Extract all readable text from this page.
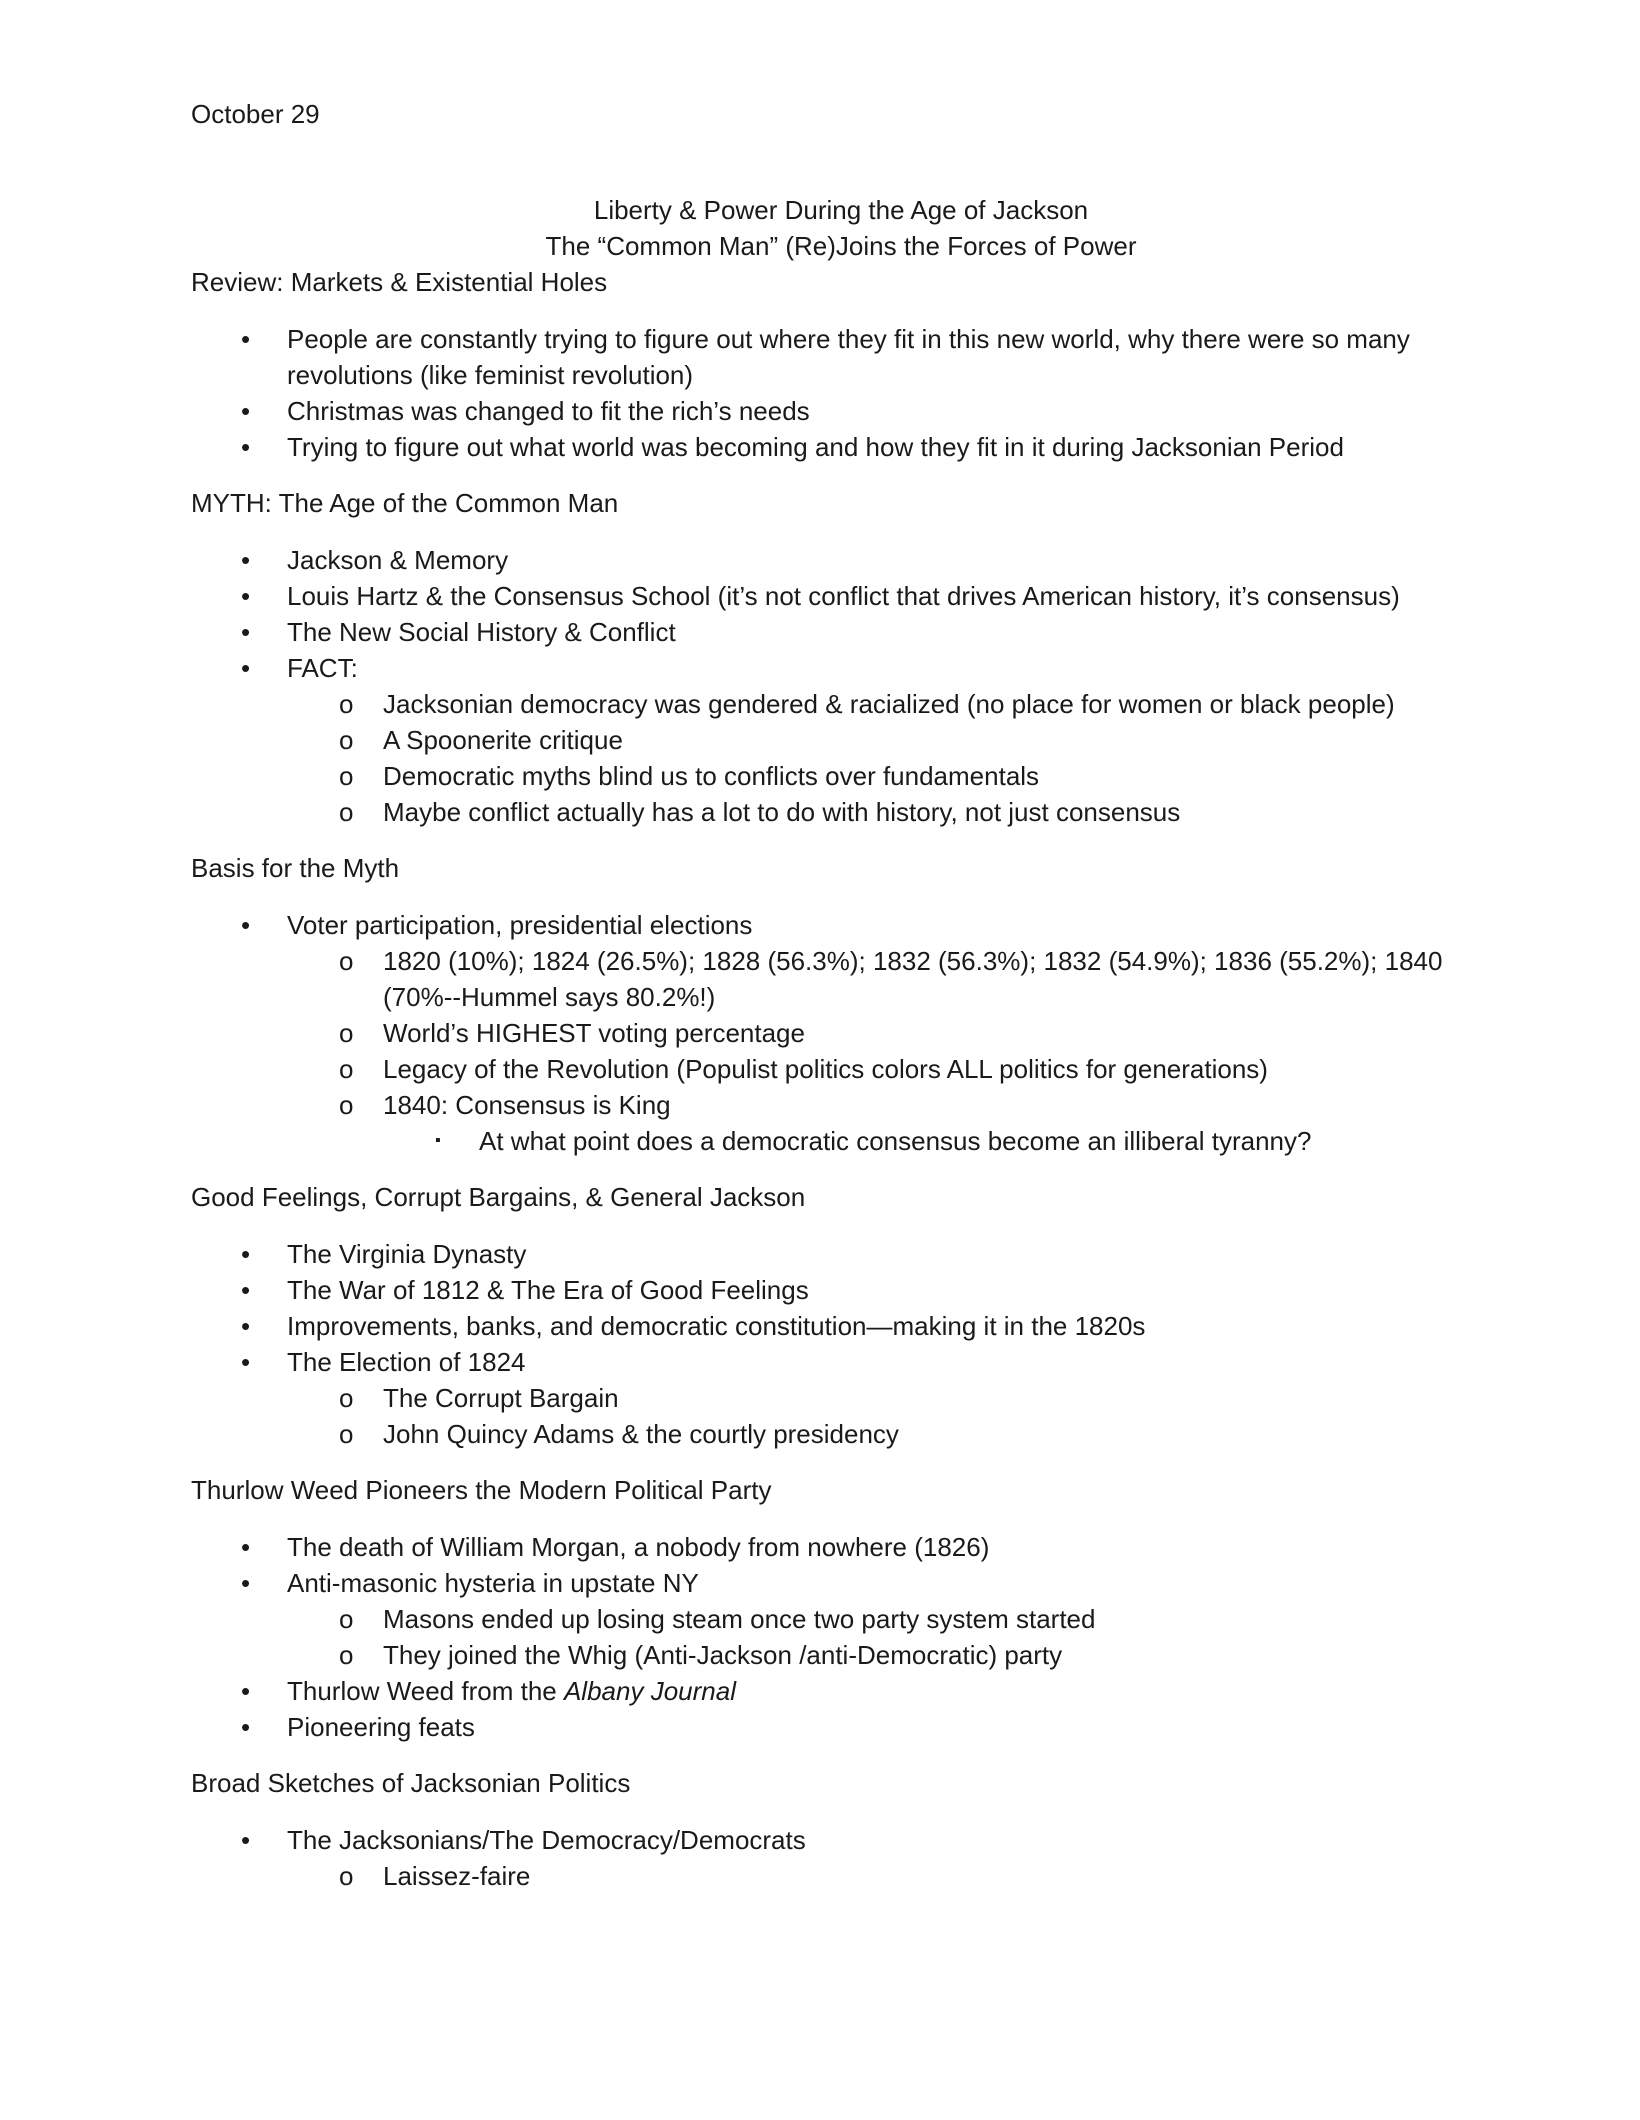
October 29

Liberty & Power During the Age of Jackson
The “Common Man” (Re)Joins the Forces of Power

Review: Markets & Existential Holes

• People are constantly trying to figure out where they fit in this new world, why there were so many revolutions (like feminist revolution)
• Christmas was changed to fit the rich’s needs
• Trying to figure out what world was becoming and how they fit in it during Jacksonian Period

MYTH: The Age of the Common Man

• Jackson & Memory
• Louis Hartz & the Consensus School (it’s not conflict that drives American history, it’s consensus)
• The New Social History & Conflict
• FACT:
o Jacksonian democracy was gendered & racialized (no place for women or black people)
o A Spoonerite critique
o Democratic myths blind us to conflicts over fundamentals
o Maybe conflict actually has a lot to do with history, not just consensus

Basis for the Myth

• Voter participation, presidential elections
o 1820 (10%); 1824 (26.5%); 1828 (56.3%); 1832 (56.3%); 1832 (54.9%); 1836 (55.2%); 1840 (70%--Hummel says 80.2%!)
o World’s HIGHEST voting percentage
o Legacy of the Revolution (Populist politics colors ALL politics for generations)
o 1840: Consensus is King
▪ At what point does a democratic consensus become an illiberal tyranny?

Good Feelings, Corrupt Bargains, & General Jackson

• The Virginia Dynasty
• The War of 1812 & The Era of Good Feelings
• Improvements, banks, and democratic constitution—making it in the 1820s
• The Election of 1824
o The Corrupt Bargain
o John Quincy Adams & the courtly presidency

Thurlow Weed Pioneers the Modern Political Party

• The death of William Morgan, a nobody from nowhere (1826)
• Anti-masonic hysteria in upstate NY
o Masons ended up losing steam once two party system started
o They joined the Whig (Anti-Jackson /anti-Democratic) party
• Thurlow Weed from the Albany Journal
• Pioneering feats

Broad Sketches of Jacksonian Politics

• The Jacksonians/The Democracy/Democrats
o Laissez-faire
